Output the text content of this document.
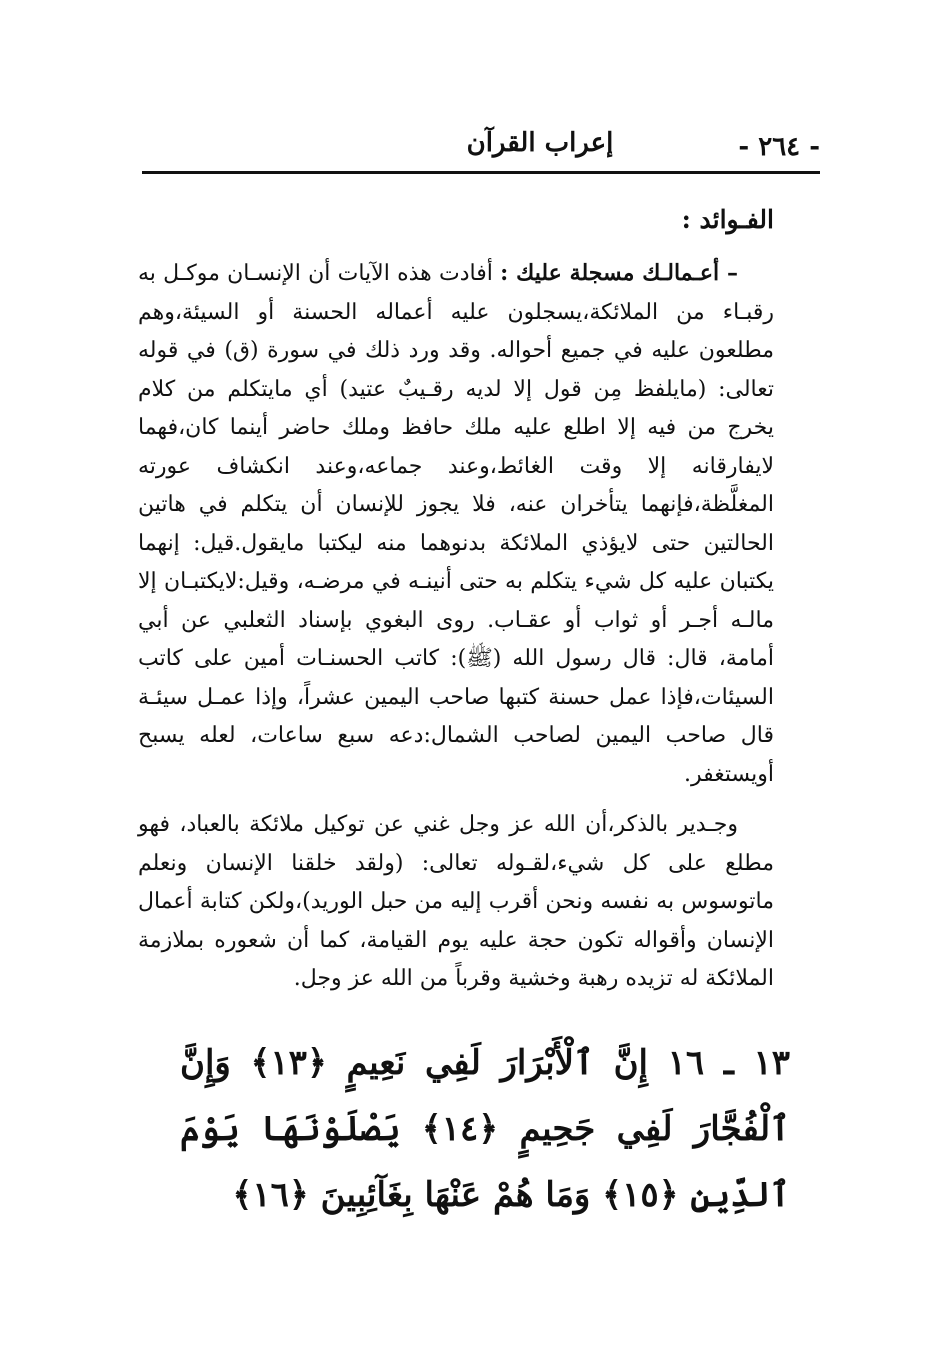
- ٢٦٤ -
إعراب القرآن
الفـوائد :

– أعـمالـك مسجلة عليك : أفادت هذه الآيات أن الإنسـان موكـل به رقبـاء من الملائكة،يسجلون عليه أعماله الحسنة أو السيئة،وهم مطلعون عليه في جميع أحواله. وقد ورد ذلك في سورة (ق) في قوله تعالى: (مايلفظ مِن قول إلا لديه رقـيبٌ عتيد) أي مايتكلم من كلام يخرج من فيه إلا اطلع عليه ملك حافظ وملك حاضر أينما كان،فهما لايفارقانه إلا وقت الغائط،وعند جماعه،وعند انكشاف عورته المغلَّظة،فإنهما يتأخران عنه، فلا يجوز للإنسان أن يتكلم في هاتين الحالتين حتى لايؤذي الملائكة بدنوهما منه ليكتبا مايقول.قيل: إنهما يكتبان عليه كل شيء يتكلم به حتى أنينـه في مرضـه، وقيل:لايكتبـان إلا مالـه أجـر أو ثواب أو عقـاب. روى البغوي بإسناد الثعلبي عن أبي أمامة، قال: قال رسول الله (ﷺ): كاتب الحسنـات أمين على كاتب السيئات،فإذا عمل حسنة كتبها صاحب اليمين عشراً، وإذا عمـل سيئـة قال صاحب اليمين لصاحب الشمال:دعه سبع ساعات، لعله يسبح أويستغفر.

وجـدير بالذكر،أن الله عز وجل غني عن توكيل ملائكة بالعباد، فهو مطلع على كل شيء،لقـوله تعالى: (ولقد خلقنا الإنسان ونعلم ماتوسوس به نفسه ونحن أقرب إليه من حبل الوريد)،ولكن كتابة أعمال الإنسان وأقواله تكون حجة عليه يوم القيامة، كما أن شعوره بملازمة الملائكة له تزيده رهبة وخشية وقرباً من الله عز وجل.

١٣ ـ ١٦ إِنَّ ٱلْأَبْرَارَ لَفِي نَعِيمٍ ﴿١٣﴾ وَإِنَّ ٱلْفُجَّارَ لَفِي جَحِيمٍ ﴿١٤﴾ يَصْلَوْنَهَا يَوْمَ ٱلدِّينِ ﴿١٥﴾ وَمَا هُمْ عَنْهَا بِغَآئِبِينَ ﴿١٦﴾
